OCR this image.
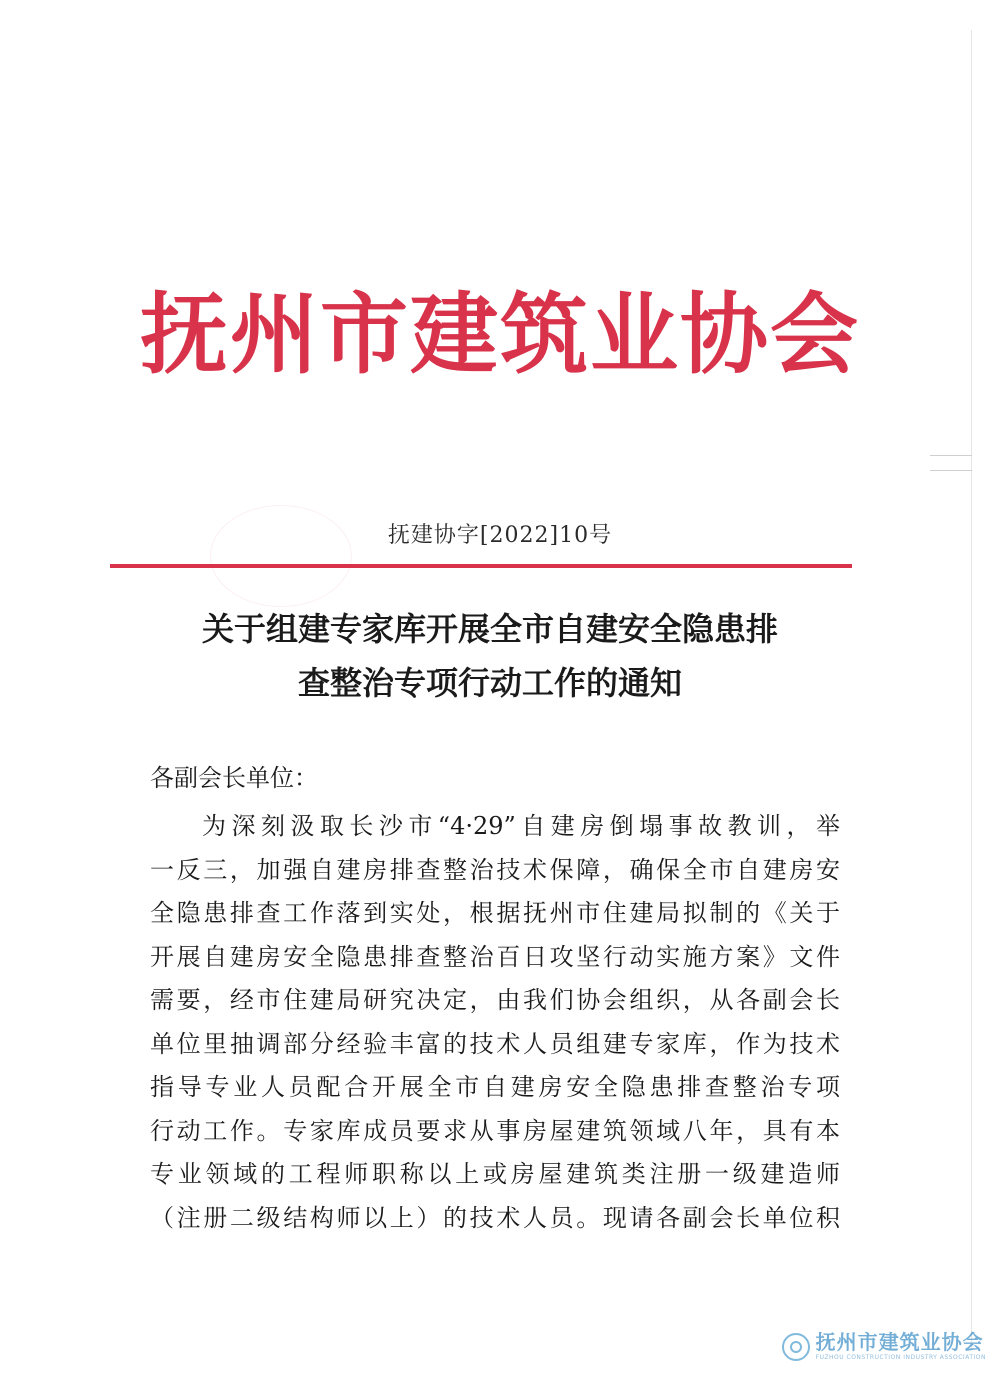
抚州市建筑业协会
抚建协字[2022]10号
关于组建专家库开展全市自建安全隐患排
查整治专项行动工作的通知
各副会长单位：
为深刻汲取长沙市“4·29”自建房倒塌事故教训，举
一反三，加强自建房排查整治技术保障，确保全市自建房安
全隐患排查工作落到实处，根据抚州市住建局拟制的《关于
开展自建房安全隐患排查整治百日攻坚行动实施方案》文件
需要，经市住建局研究决定，由我们协会组织，从各副会长
单位里抽调部分经验丰富的技术人员组建专家库，作为技术
指导专业人员配合开展全市自建房安全隐患排查整治专项
行动工作。专家库成员要求从事房屋建筑领域八年，具有本
专业领域的工程师职称以上或房屋建筑类注册一级建造师
（注册二级结构师以上）的技术人员。现请各副会长单位积
抚州市建筑业协会
FUZHOU CONSTRUCTION INDUSTRY ASSOCIATION
